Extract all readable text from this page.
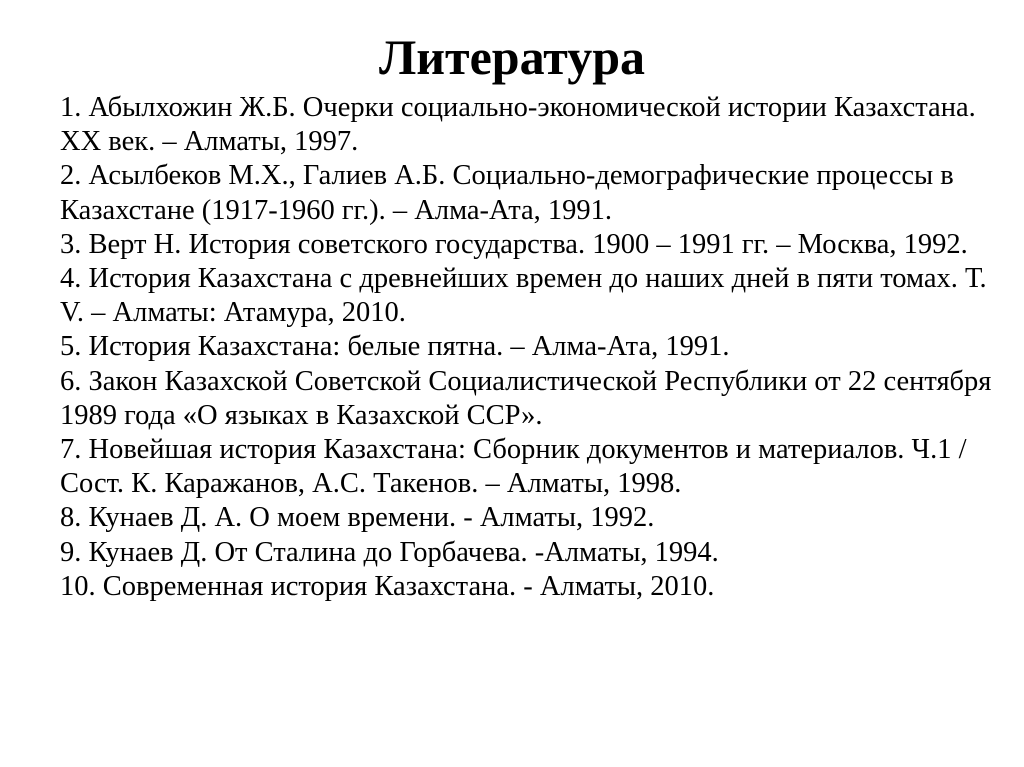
Литература
1. Абылхожин Ж.Б. Очерки социально-экономической истории Казахстана. ХХ век. – Алматы, 1997.
2. Асылбеков М.Х., Галиев А.Б. Социально-демографические процессы в Казахстане (1917-1960 гг.). – Алма-Ата, 1991.
3. Верт Н. История советского государства. 1900 – 1991 гг. – Москва, 1992.
4. История Казахстана с древнейших времен до наших дней в пяти томах. Т. V. – Алматы: Атамура, 2010.
5. История Казахстана: белые пятна. – Алма-Ата, 1991.
6. Закон Казахской Советской Социалистической Республики от 22 сентября 1989 года «О языках в Казахской ССР».
7. Новейшая история Казахстана: Сборник документов и материалов. Ч.1 / Сост. К. Каражанов, А.С. Такенов. – Алматы, 1998.
8. Кунаев Д. А. О моем времени. - Алматы, 1992.
9. Кунаев Д. От Сталина до Горбачева. -Алматы, 1994.
10. Современная история Казахстана. - Алматы, 2010.
